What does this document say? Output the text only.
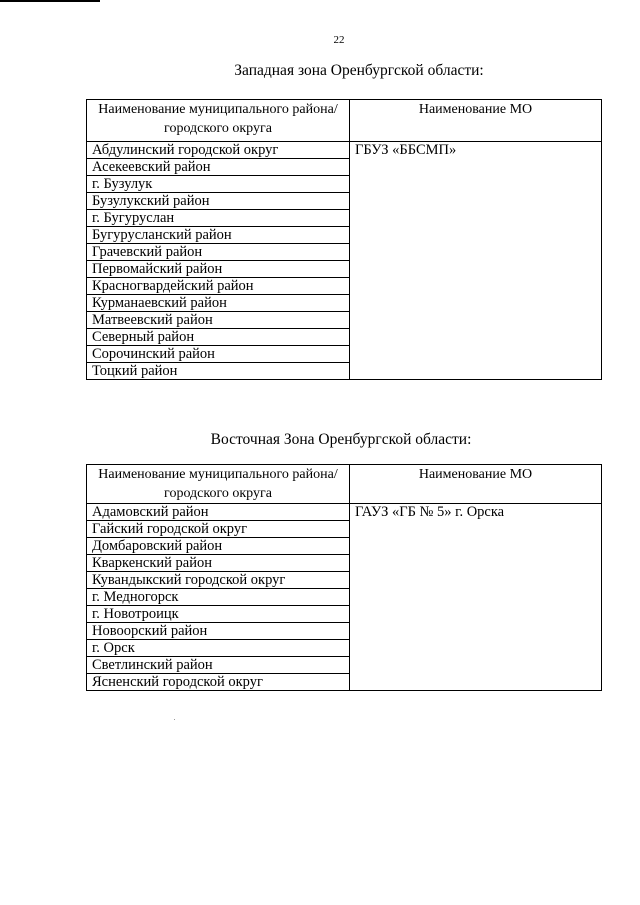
22
Западная зона Оренбургской области:
Наименование муниципального района/городского округа	Наименование МО
Абдулинский городской округ	ГБУЗ «ББСМП»
Асекеевский район	
г. Бузулук	
Бузулукский район	
г. Бугуруслан	
Бугурусланский район	
Грачевский район	
Первомайский район	
Красногвардейский район	
Курманаевский район	
Матвеевский район	
Северный район	
Сорочинский район	
Тоцкий район	
Восточная Зона Оренбургской области:
Наименование муниципального района/городского округа	Наименование МО
Адамовский район	ГАУЗ «ГБ № 5» г. Орска
Гайский городской округ	
Домбаровский район	
Кваркенский район	
Кувандыкский городской округ	
г. Медногорск	
г. Новотроицк	
Новоорский район	
г. Орск	
Светлинский район	
Ясненский городской округ	
